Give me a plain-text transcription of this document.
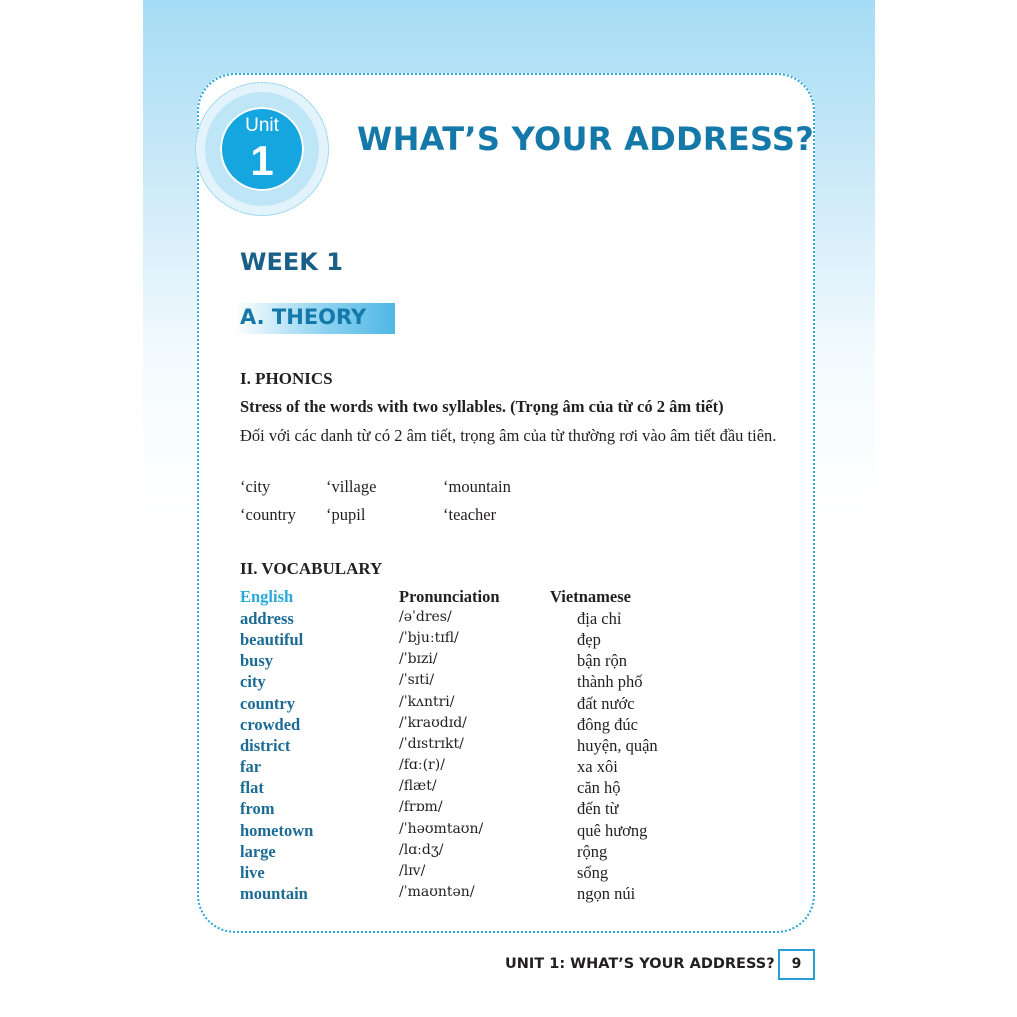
Unit
1	WHAT’S YOUR ADDRESS?
WEEK 1
A. THEORY
I. PHONICS
Stress of the words with two syllables. (Trọng âm của từ có 2 âm tiết)
Đối với các danh từ có 2 âm tiết, trọng âm của từ thường rơi vào âm tiết đầu tiên.
‘city	‘village	‘mountain
‘country ‘pupil	‘teacher
II. VOCABULARY
English	Pronunciation	Vietnamese
address	/əˈdres/	địa chỉ
beautiful	/ˈbjuːtɪfl/	đẹp
busy	/ˈbɪzi/	bận rộn
city	/ˈsɪti/	thành phố
country	/ˈkʌntri/	đất nước
crowded	/ˈkraʊdɪd/	đông đúc
district	/ˈdɪstrɪkt/	huyện, quận
far	/fɑː(r)/	xa xôi
flat	/flæt/	căn hộ
from	/frɒm/	đến từ
hometown	/ˈhəʊmtaʊn/	quê hương
large	/lɑːdʒ/	rộng
live	/lɪv/	sống
mountain	/ˈmaʊntən/	ngọn núi
UNIT 1: WHAT’S YOUR ADDRESS?	9
